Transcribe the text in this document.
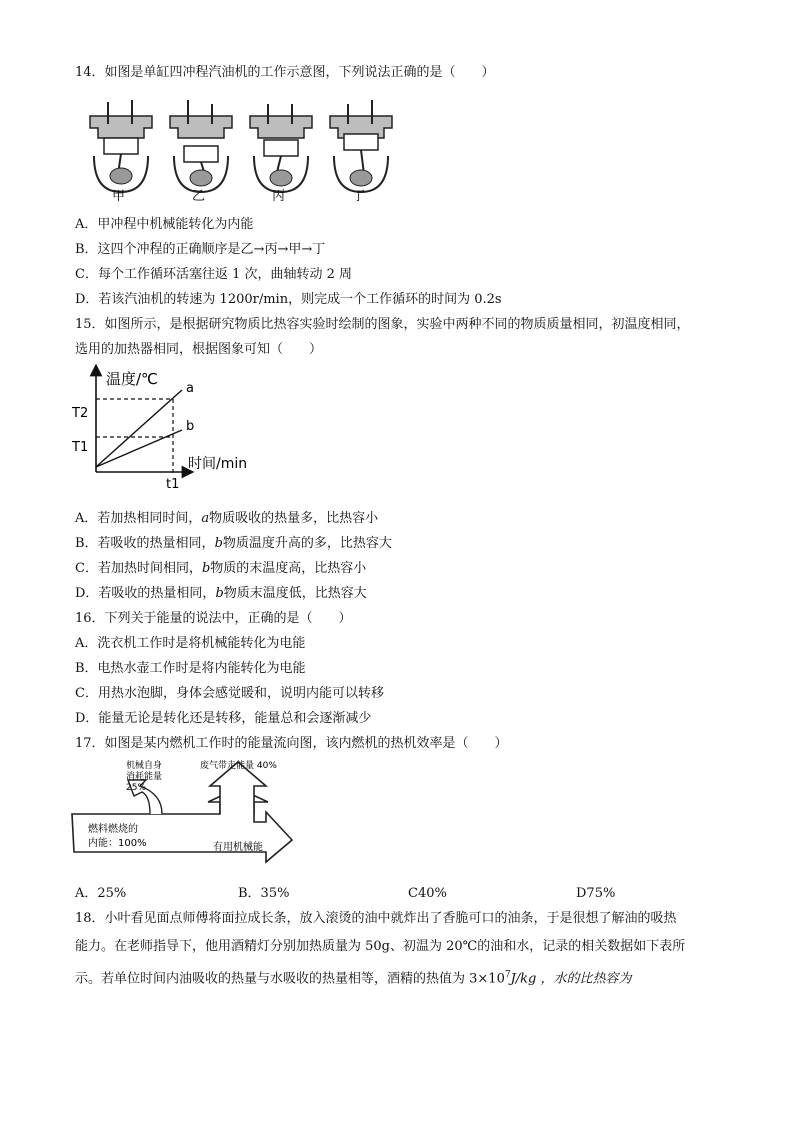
14．如图是单缸四冲程汽油机的工作示意图，下列说法正确的是（　　）
甲	乙	丙	丁
A．甲冲程中机械能转化为内能
B．这四个冲程的正确顺序是乙→丙→甲→丁
C．每个工作循环活塞往返 1 次，曲轴转动 2 周
D．若该汽油机的转速为 1200r/min，则完成一个工作循环的时间为 0.2s
15．如图所示，是根据研究物质比热容实验时绘制的图象，实验中两种不同的物质质量相同，初温度相同，
选用的加热器相同，根据图象可知（　　）
温度/℃
时间/min
T2
T1
t1
a
b
A．若加热相同时间，a物质吸收的热量多，比热容小
B．若吸收的热量相同，b物质温度升高的多，比热容大
C．若加热时间相同，b物质的末温度高，比热容小
D．若吸收的热量相同，b物质末温度低，比热容大
16．下列关于能量的说法中，正确的是（　　）
A．洗衣机工作时是将机械能转化为电能
B．电热水壶工作时是将内能转化为电能
C．用热水泡脚，身体会感觉暖和，说明内能可以转移
D．能量无论是转化还是转移，能量总和会逐渐减少
17．如图是某内燃机工作时的能量流向图，该内燃机的热机效率是（　　）
机械自身
消耗能量
25%
废气带走能量 40%
燃料燃烧的
内能：100%	有用机械能
A．25%	B．35%	C40%	D75%
18．小叶看见面点师傅将面拉成长条，放入滚烫的油中就炸出了香脆可口的油条，于是很想了解油的吸热
能力。在老师指导下，他用酒精灯分别加热质量为 50g、初温为 20℃的油和水，记录的相关数据如下表所
示。若单位时间内油吸收的热量与水吸收的热量相等，酒精的热值为 $3\times 10^7J/kg$ ，水的比热容为
